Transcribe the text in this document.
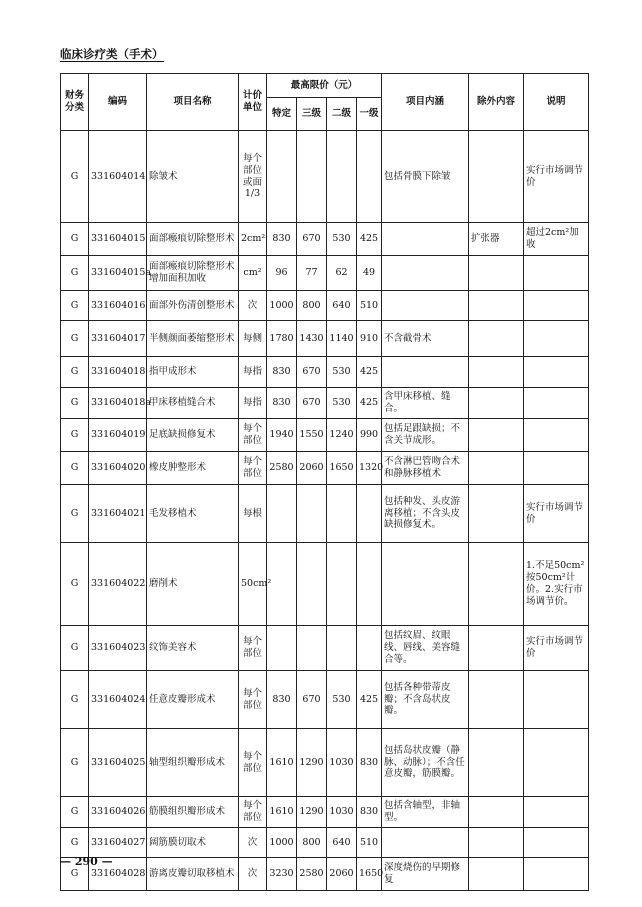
临床诊疗类（手术）
财务分类	编码	项目名称	计价单位	最高限价（元）				项目内涵	除外内容	说明
				特定	三级	二级	一级			
G	331604014	除皱术	每个部位或面1/3					包括骨膜下除皱		实行市场调节价
G	331604015	面部瘢痕切除整形术	2cm²	830	670	530	425		扩张器	超过2cm²加收
G	331604015a	面部瘢痕切除整形术增加面积加收	cm²	96	77	62	49			
G	331604016	面部外伤清创整形术	次	1000	800	640	510			
G	331604017	半侧颜面萎缩整形术	每侧	1780	1430	1140	910	不含截骨术		
G	331604018	指甲成形术	每指	830	670	530	425			
G	331604018a	甲床移植缝合术	每指	830	670	530	425	含甲床移植、缝合。		
G	331604019	足底缺损修复术	每个部位	1940	1550	1240	990	包括足跟缺损；不含关节成形。		
G	331604020	橡皮肿整形术	每个部位	2580	2060	1650	1320	不含淋巴管吻合术和静脉移植术		
G	331604021	毛发移植术	每根					包括种发、头皮游离移植；不含头皮缺损修复术。		实行市场调节价
G	331604022	磨削术	50cm²							1.不足50cm²按50cm²计价。2.实行市场调节价。
G	331604023	纹饰美容术	每个部位					包括纹眉、纹眼线、唇线、美容缝合等。		实行市场调节价
G	331604024	任意皮瓣形成术	每个部位	830	670	530	425	包括各种带蒂皮瓣；不含岛状皮瓣。		
G	331604025	轴型组织瓣形成术	每个部位	1610	1290	1030	830	包括岛状皮瓣（静脉、动脉）；不含任意皮瓣，筋膜瓣。		
G	331604026	筋膜组织瓣形成术	每个部位	1610	1290	1030	830	包括含轴型，非轴型。		
G	331604027	阔筋膜切取术	次	1000	800	640	510			
G	331604028	游离皮瓣切取移植术	次	3230	2580	2060	1650	深度烧伤的早期修复		
— 290 —
